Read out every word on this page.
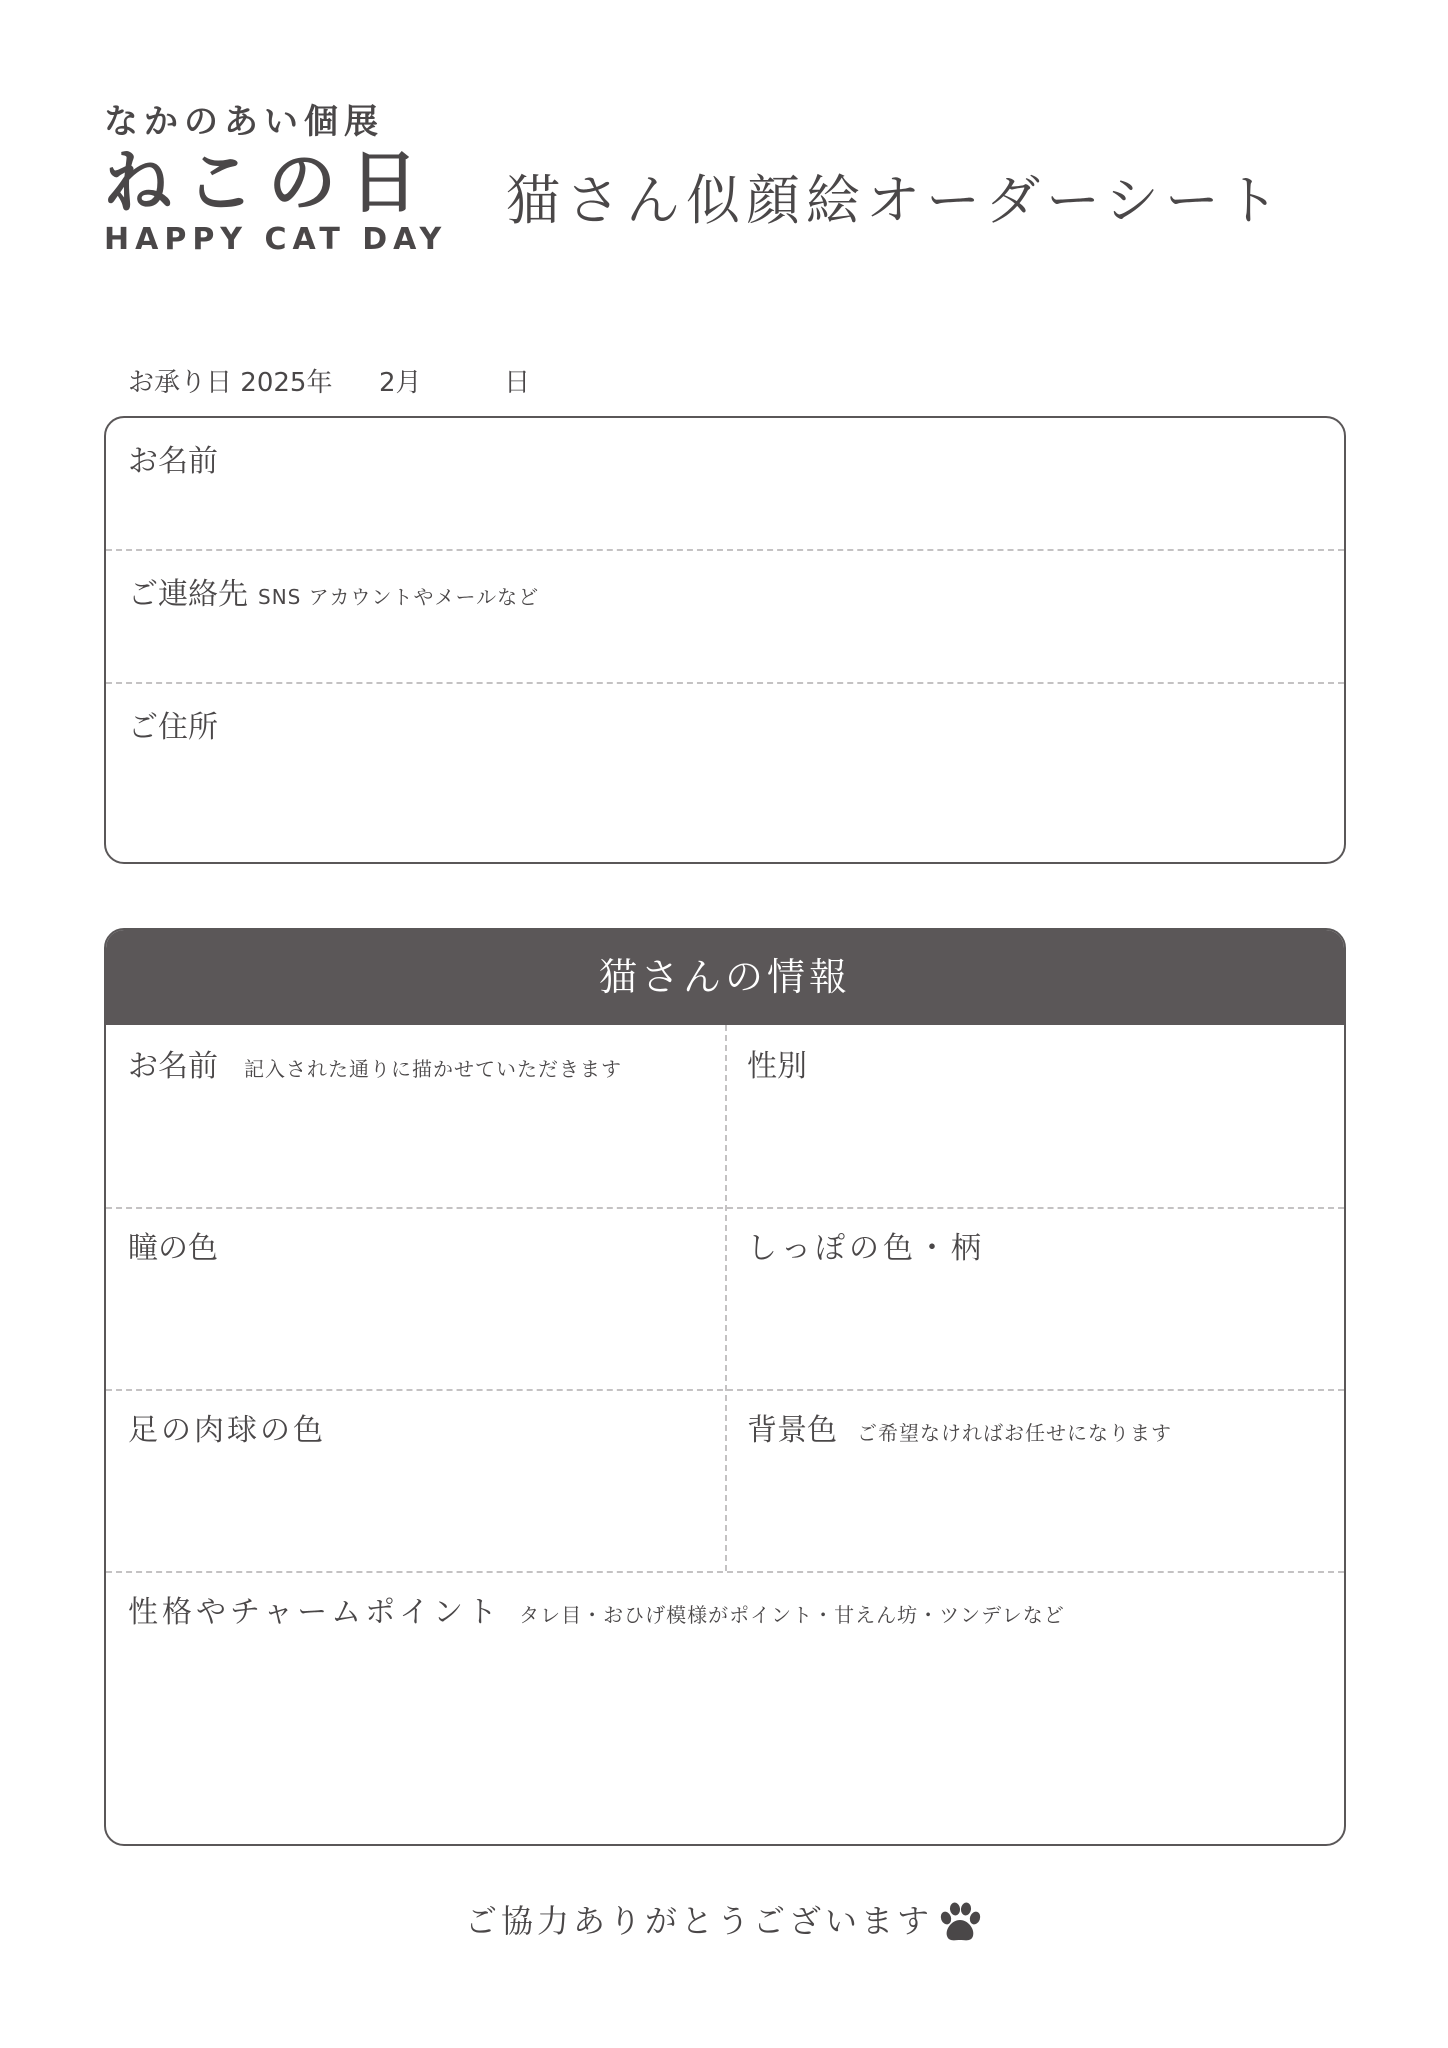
なかのあい個展
ねこの日
HAPPY CAT DAY
猫さん似顔絵オーダーシート
お承り日 2025年 2月	日
お名前
ご連絡先 SNS アカウントやメールなど
ご住所
猫さんの情報
お名前 記入された通りに描かせていただきます	性別
瞳の色	しっぽの色・柄
足の肉球の色	背景色 ご希望なければお任せになります
性格やチャームポイント タレ目・おひげ模様がポイント・甘えん坊・ツンデレなど
ご協力ありがとうございます
